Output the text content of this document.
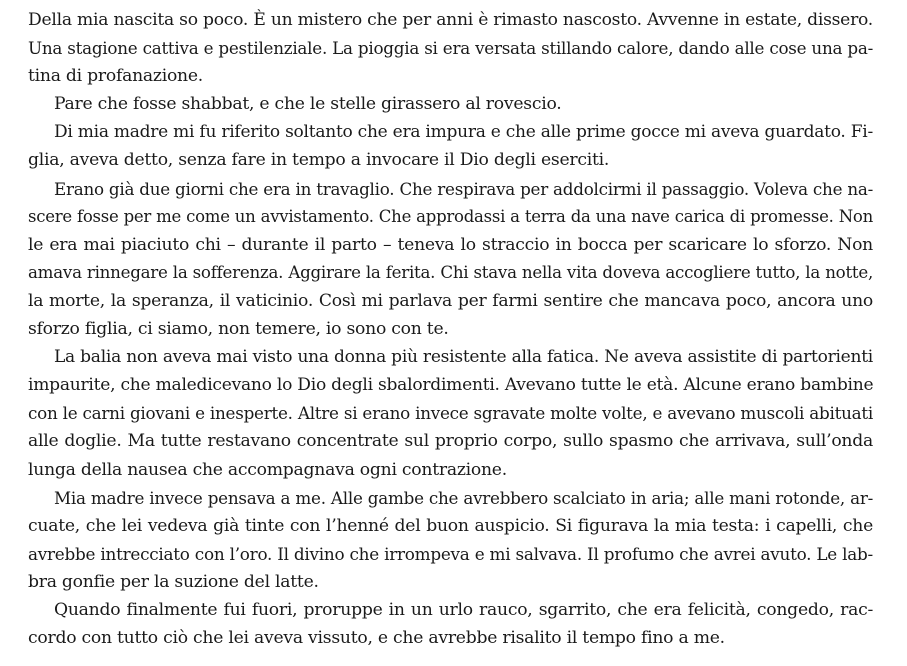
Della mia nascita so poco. È un mistero che per anni è rimasto nascosto. Avvenne in estate, dissero.
Una stagione cattiva e pestilenziale. La pioggia si era versata stillando calore, dando alle cose una pa-
tina di profanazione.
Pare che fosse shabbat, e che le stelle girassero al rovescio.
Di mia madre mi fu riferito soltanto che era impura e che alle prime gocce mi aveva guardato. Fi-
glia, aveva detto, senza fare in tempo a invocare il Dio degli eserciti.
Erano già due giorni che era in travaglio. Che respirava per addolcirmi il passaggio. Voleva che na-
scere fosse per me come un avvistamento. Che approdassi a terra da una nave carica di promesse. Non
le era mai piaciuto chi – durante il parto – teneva lo straccio in bocca per scaricare lo sforzo. Non
amava rinnegare la sofferenza. Aggirare la ferita. Chi stava nella vita doveva accogliere tutto, la notte,
la morte, la speranza, il vaticinio. Così mi parlava per farmi sentire che mancava poco, ancora uno
sforzo figlia, ci siamo, non temere, io sono con te.
La balia non aveva mai visto una donna più resistente alla fatica. Ne aveva assistite di partorienti
impaurite, che maledicevano lo Dio degli sbalordimenti. Avevano tutte le età. Alcune erano bambine
con le carni giovani e inesperte. Altre si erano invece sgravate molte volte, e avevano muscoli abituati
alle doglie. Ma tutte restavano concentrate sul proprio corpo, sullo spasmo che arrivava, sull’onda
lunga della nausea che accompagnava ogni contrazione.
Mia madre invece pensava a me. Alle gambe che avrebbero scalciato in aria; alle mani rotonde, ar-
cuate, che lei vedeva già tinte con l’henné del buon auspicio. Si figurava la mia testa: i capelli, che
avrebbe intrecciato con l’oro. Il divino che irrompeva e mi salvava. Il profumo che avrei avuto. Le lab-
bra gonfie per la suzione del latte.
Quando finalmente fui fuori, proruppe in un urlo rauco, sgarrito, che era felicità, congedo, rac-
cordo con tutto ciò che lei aveva vissuto, e che avrebbe risalito il tempo fino a me.
